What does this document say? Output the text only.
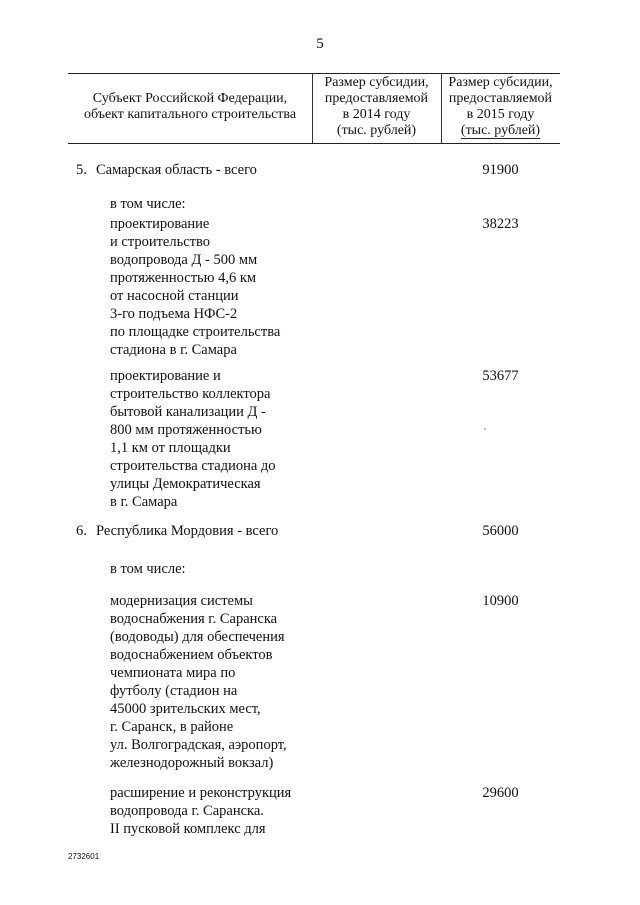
5
Субъект Российской Федерации,
объект капитального строительства
Размер субсидии,
предоставляемой
в 2014 году
(тыс. рублей)
Размер субсидии,
предоставляемой
в 2015 году
(тыс. рублей)
5. Самарская область - всего	91900
в том числе:
проектирование
и строительство
водопровода Д - 500 мм
протяженностью 4,6 км
от насосной станции
3-го подъема НФС-2
по площадке строительства
стадиона в г. Самара
38223
проектирование и
строительство коллектора
бытовой канализации Д -
800 мм протяженностью
1,1 км от площадки
строительства стадиона до
улицы Демократическая
в г. Самара
53677
6. Республика Мордовия - всего	56000
в том числе:
модернизация системы
водоснабжения г. Саранска
(водоводы) для обеспечения
водоснабжением объектов
чемпионата мира по
футболу (стадион на
45000 зрительских мест,
г. Саранск, в районе
ул. Волгоградская, аэропорт,
железнодорожный вокзал)
10900
расширение и реконструкция
водопровода г. Саранска.
II пусковой комплекс для
29600
2732601
